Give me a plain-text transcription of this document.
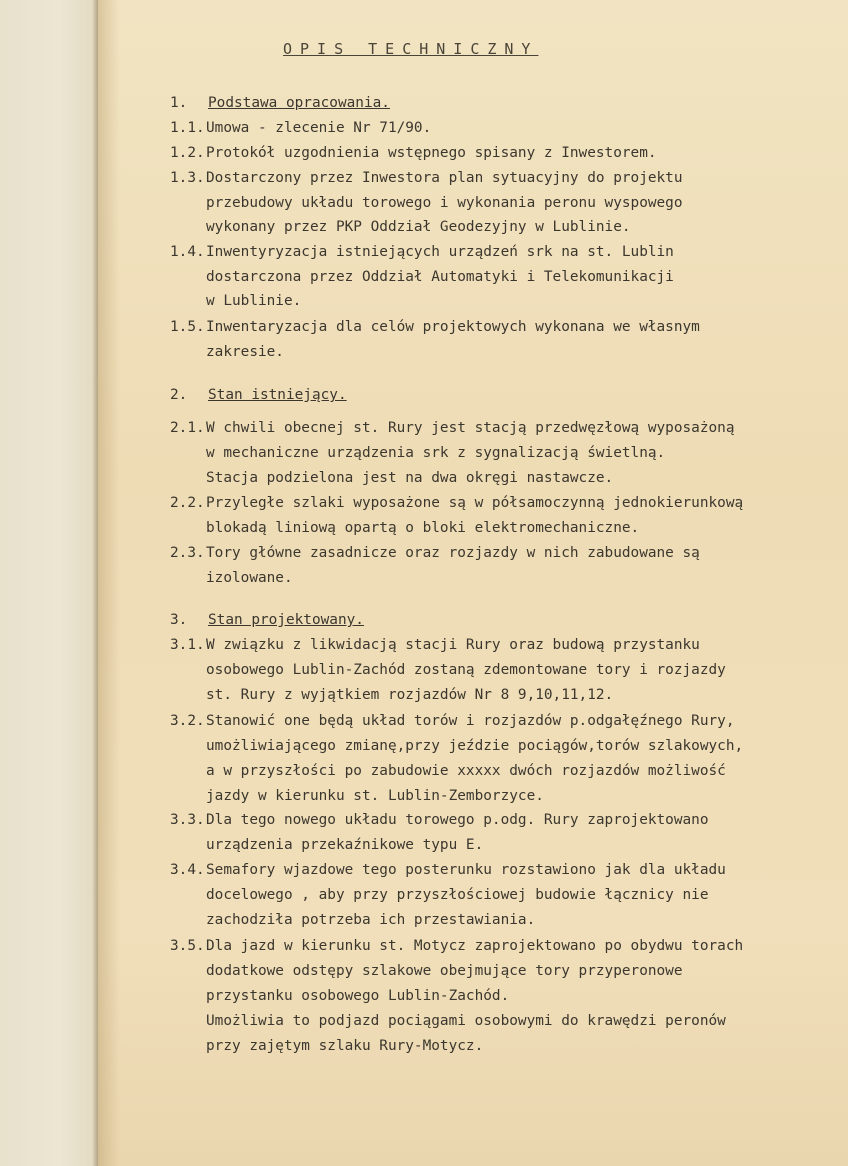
OPIS TECHNICZNY
1. Podstawa opracowania.
1.1.Umowa - zlecenie Nr 71/90.
1.2.Protokół uzgodnienia wstępnego spisany z Inwestorem.
1.3.Dostarczony przez Inwestora plan sytuacyjny do projektu
przebudowy układu torowego i wykonania peronu wyspowego
wykonany przez PKP Oddział Geodezyjny w Lublinie.
1.4.Inwentyryzacja istniejących urządzeń srk na st. Lublin
dostarczona przez Oddział Automatyki i Telekomunikacji
w Lublinie.
1.5.Inwentaryzacja dla celów projektowych wykonana we własnym
zakresie.
2. Stan istniejący.
2.1.W chwili obecnej st. Rury jest stacją przedwęzłową wyposażoną
w mechaniczne urządzenia srk z sygnalizacją świetlną.
Stacja podzielona jest na dwa okręgi nastawcze.
2.2.Przyległe szlaki wyposażone są w półsamoczynną jednokierunkową
blokadą liniową opartą o bloki elektromechaniczne.
2.3.Tory główne zasadnicze oraz rozjazdy w nich zabudowane są
izolowane.
3. Stan projektowany.
3.1.W związku z likwidacją stacji Rury oraz budową przystanku
osobowego Lublin-Zachód zostaną zdemontowane tory i rozjazdy
st. Rury z wyjątkiem rozjazdów Nr 8 9,10,11,12.
3.2.Stanowić one będą układ torów i rozjazdów p.odgałęźnego Rury,
umożliwiającego zmianę,przy jeździe pociągów,torów szlakowych,
a w przyszłości po zabudowie xxxxx dwóch rozjazdów możliwość
jazdy w kierunku st. Lublin-Zemborzyce.
3.3.Dla tego nowego układu torowego p.odg. Rury zaprojektowano
urządzenia przekaźnikowe typu E.
3.4.Semafory wjazdowe tego posterunku rozstawiono jak dla układu
docelowego , aby przy przyszłościowej budowie łącznicy nie
zachodziła potrzeba ich przestawiania.
3.5.Dla jazd w kierunku st. Motycz zaprojektowano po obydwu torach
dodatkowe odstępy szlakowe obejmujące tory przyperonowe
przystanku osobowego Lublin-Zachód.
Umożliwia to podjazd pociągami osobowymi do krawędzi peronów
przy zajętym szlaku Rury-Motycz.
